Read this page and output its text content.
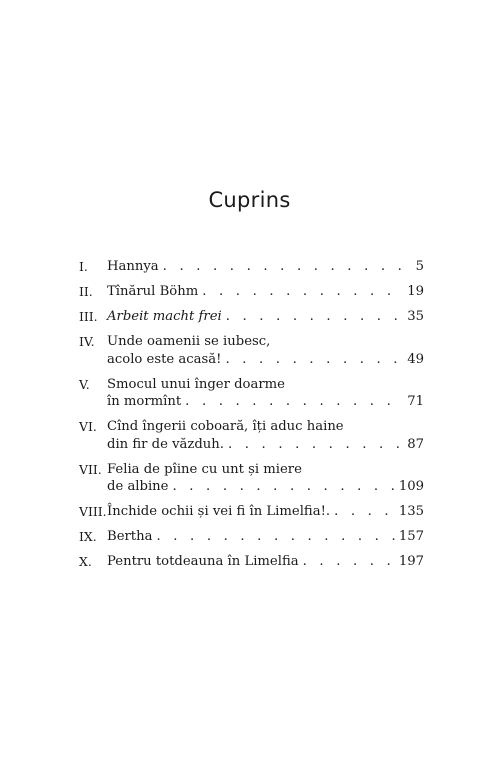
Cuprins
I.	Hannya . . .	5
II.	Tînărul Böhm . . .	19
III. Arbeit macht frei . . .	35
IV. Unde oamenii se iubesc,
acolo este acasă! . . .	49
V.	Smocul unui înger doarme
în mormînt . . .	71
VI. Cînd îngerii coboară, îți aduc haine
din fir de văzduh. . . .	87
VII. Felia de pîine cu unt și miere
de albine . . .	109
VIII. Închide ochii și vei fi în Limelfia!. . . .	135
IX. Bertha . . .	157
X.	Pentru totdeauna în Limelfia . . .	197
